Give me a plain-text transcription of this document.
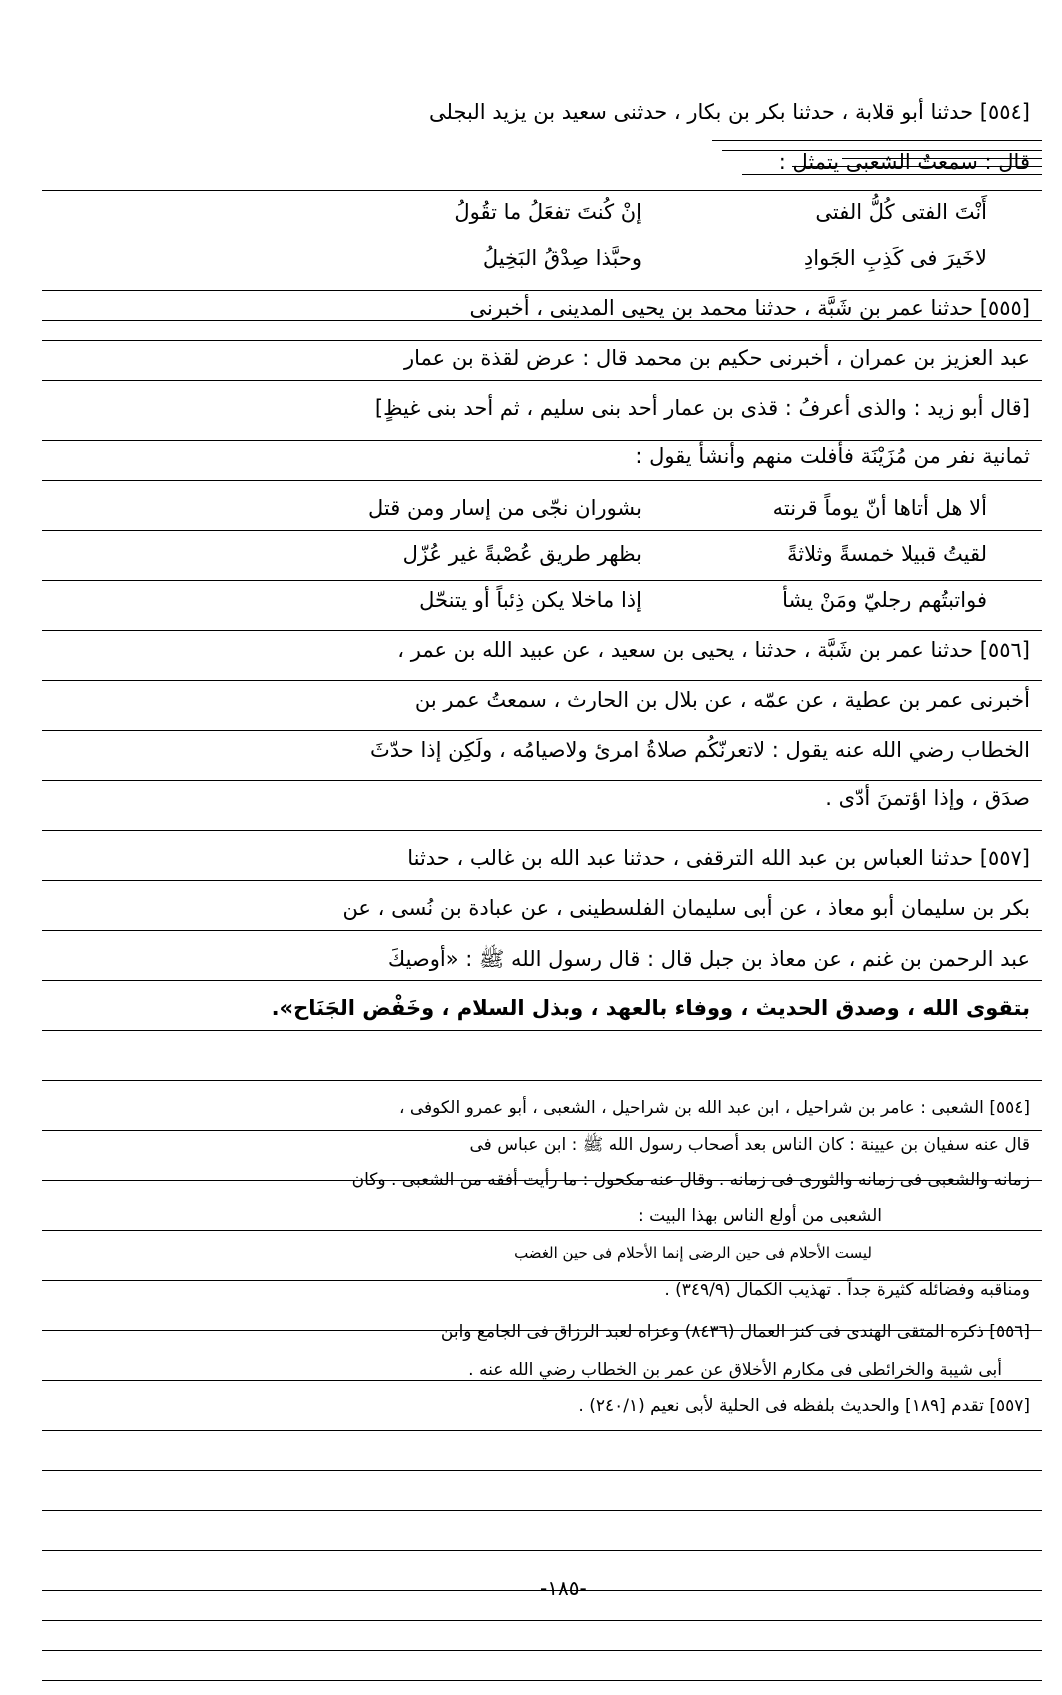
[٥٥٤] حدثنا أبو قلابة ، حدثنا بكر بن بكار ، حدثنى سعيد بن يزيد البجلى
قال : سمعتُ الشعبى يتمثل :
أَنْتَ الفتى كُلُّ الفتى
إنْ كُنتَ تفعَلُ ما تقُولُ
لاخَيرَ فى كَذِبِ الجَوادِ
وحبَّذا صِدْقُ البَخِيلُ
[٥٥٥] حدثنا عمر بن شَبَّة ، حدثنا محمد بن يحيى المدينى ، أخبرنى
عبد العزيز بن عمران ، أخبرنى حكيم بن محمد قال : عرض لقذة بن عمار
[قال أبو زيد : والذى أعرفُ : قذى بن عمار أحد بنى سليم ، ثم أحد بنى غيظٍ]
ثمانية نفر من مُزَيْنَة فأفلت منهم وأنشأ يقول :
ألا هل أتاها أنّ يوماً قرنته
بشوران نجّى من إسار ومن قتل
لقيتُ قبيلا خمسةً وثلاثةً
بظهر طريق عُصْبةً غير عُزّل
فواتبتُهم رجليّ ومَنْ يشأ
إذا ماخلا يكن ذِئباً أو يتنحّل
[٥٥٦] حدثنا عمر بن شَبَّة ، حدثنا ، يحيى بن سعيد ، عن عبيد الله بن عمر ،
أخبرنى عمر بن عطية ، عن عمّه ، عن بلال بن الحارث ، سمعتُ عمر بن
الخطاب رضي الله عنه يقول : لاتعرنّكُم صلاةُ امرئ ولاصيامُه ، ولَكِن إذا حدّثَ
صدَق ، وإذا اؤتمنَ أدّى .
[٥٥٧] حدثنا العباس بن عبد الله الترقفى ، حدثنا عبد الله بن غالب ، حدثنا
بكر بن سليمان أبو معاذ ، عن أبى سليمان الفلسطينى ، عن عبادة بن نُسى ، عن
عبد الرحمن بن غنم ، عن معاذ بن جبل قال : قال رسول الله ﷺ : «أوصيكَ
بتقوى الله ، وصدق الحديث ، ووفاء بالعهد ، وبذل السلام ، وخَفْض الجَنَاح».
[٥٥٤] الشعبى : عامر بن شراحيل ، ابن عبد الله بن شراحيل ، الشعبى ، أبو عمرو الكوفى ،
قال عنه سفيان بن عيينة : كان الناس بعد أصحاب رسول الله ﷺ : ابن عباس فى
زمانه والشعبى فى زمانه والثورى فى زمانه . وقال عنه مكحول : ما رأيت أفقه من الشعبى . وكان
الشعبى من أولع الناس بهذا البيت :
ليست الأحلام فى حين الرضى إنما الأحلام فى حين الغضب
ومناقبه وفضائله كثيرة جداً . تهذيب الكمال (٣٤٩/٩) .
[٥٥٦] ذكره المتقى الهندى فى كنز العمال (٨٤٣٦) وعزاه لعبد الرزاق فى الجامع وابن
أبى شيبة والخرائطى فى مكارم الأخلاق عن عمر بن الخطاب رضي الله عنه .
[٥٥٧] تقدم [١٨٩] والحديث بلفظه فى الحلية لأبى نعيم (٢٤٠/١) .
-١٨٥-
